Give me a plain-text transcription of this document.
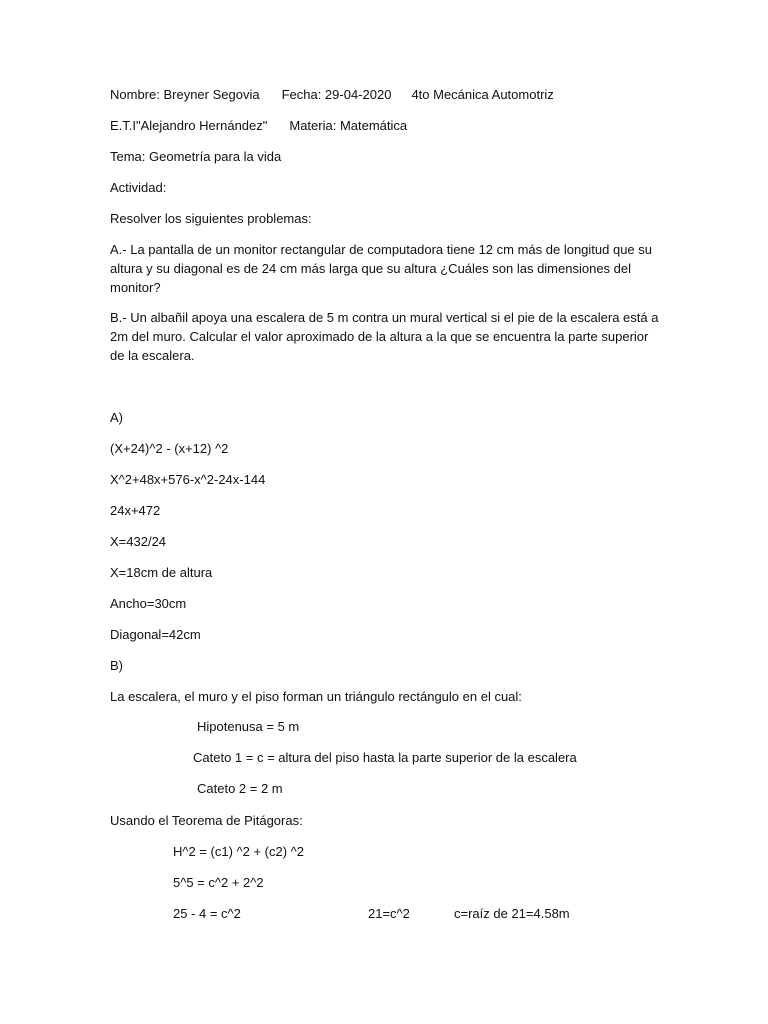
Nombre: Breyner Segovia Fecha: 29-04-2020 4to Mecánica Automotriz
E.T.I"Alejandro Hernández" Materia: Matemática
Tema: Geometría para la vida
Actividad:
Resolver los siguientes problemas:
A.- La pantalla de un monitor rectangular de computadora tiene 12 cm más de longitud que su altura y su diagonal es de 24 cm más larga que su altura ¿Cuáles son las dimensiones del monitor?
B.- Un albañil apoya una escalera de 5 m contra un mural vertical si el pie de la escalera está a 2m del muro. Calcular el valor aproximado de la altura a la que se encuentra la parte superior de la escalera.
A)
(X+24)^2 - (x+12) ^2
X^2+48x+576-x^2-24x-144
24x+472
X=432/24
X=18cm de altura
Ancho=30cm
Diagonal=42cm
B)
La escalera, el muro y el piso forman un triángulo rectángulo en el cual:
Hipotenusa = 5 m
Cateto 1 = c = altura del piso hasta la parte superior de la escalera
Cateto 2 = 2 m
Usando el Teorema de Pitágoras:
H^2 = (c1) ^2 + (c2) ^2
5^5 = c^2 + 2^2
25 - 4 = c^2	21=c^2	c=raíz de 21=4.58m
